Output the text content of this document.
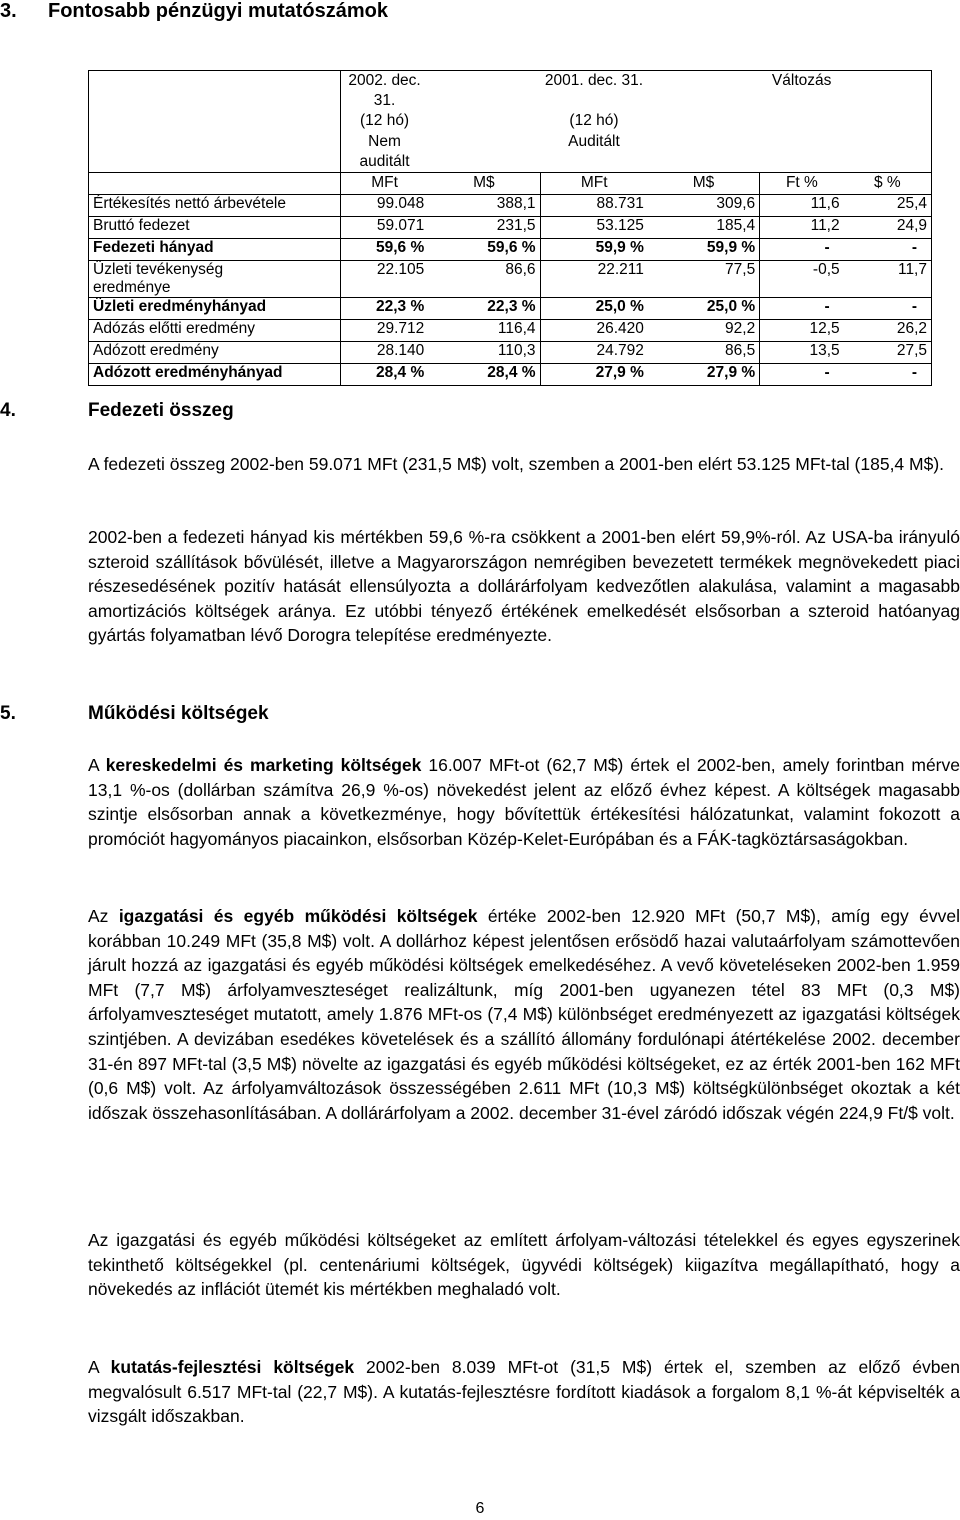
3. Fontosabb pénzügyi mutatószámok
	2002. dec. 31.		2001. dec. 31.		Változás	
	(12 hó)		(12 hó)			
	Nem auditált		Auditált			
	MFt	M$	MFt	M$	Ft %	$ %
Értékesítés nettó árbevétele	99.048	388,1	88.731	309,6	11,6	25,4
Bruttó fedezet	59.071	231,5	53.125	185,4	11,2	24,9
Fedezeti hányad	59,6 %	59,6 %	59,9 %	59,9 %	-	-
Üzleti tevékenység
eredménye	22.105	86,6	22.211	77,5	-0,5	11,7
Üzleti eredményhányad	22,3 %	22,3 %	25,0 %	25,0 %	-	-
Adózás előtti eredmény	29.712	116,4	26.420	92,2	12,5	26,2
Adózott eredmény	28.140	110,3	24.792	86,5	13,5	27,5
Adózott eredményhányad	28,4 %	28,4 %	27,9 %	27,9 %	-	-
4.	Fedezeti összeg

A fedezeti összeg 2002-ben 59.071 MFt (231,5 M$) volt, szemben a 2001-ben elért 53.125 MFt-tal (185,4 M$).

2002-ben a fedezeti hányad kis mértékben 59,6 %-ra csökkent a 2001-ben elért 59,9%-ról. Az USA-ba irányuló szteroid szállítások bővülését, illetve a Magyarországon nemrégiben bevezetett termékek megnövekedett piaci részesedésének pozitív hatását ellensúlyozta a dollárárfolyam kedvezőtlen alakulása, valamint a magasabb amortizációs költségek aránya. Ez utóbbi tényező értékének emelkedését elsősorban a szteroid hatóanyag gyártás folyamatban lévő Dorogra telepítése eredményezte.

5.	Működési költségek

A kereskedelmi és marketing költségek 16.007 MFt-ot (62,7 M$) értek el 2002-ben, amely forintban mérve 13,1 %-os (dollárban számítva 26,9 %-os) növekedést jelent az előző évhez képest. A költségek magasabb szintje elsősorban annak a következménye, hogy bővítettük értékesítési hálózatunkat, valamint fokozott a promóciót hagyományos piacainkon, elsősorban Közép-Kelet-Európában és a FÁK-tagköztársaságokban.

Az igazgatási és egyéb működési költségek értéke 2002-ben 12.920 MFt (50,7 M$), amíg egy évvel korábban 10.249 MFt (35,8 M$) volt. A dollárhoz képest jelentősen erősödő hazai valutaárfolyam számottevően járult hozzá az igazgatási és egyéb működési költségek emelkedéséhez. A vevő követeléseken 2002-ben 1.959 MFt (7,7 M$) árfolyamveszteséget realizáltunk, míg 2001-ben ugyanezen tétel 83 MFt (0,3 M$) árfolyamveszteséget mutatott, amely 1.876 MFt-os (7,4 M$) különbséget eredményezett az igazgatási költségek szintjében. A devizában esedékes követelések és a szállító állomány fordulónapi átértékelése 2002. december 31-én 897 MFt-tal (3,5 M$) növelte az igazgatási és egyéb működési költségeket, ez az érték 2001-ben 162 MFt (0,6 M$) volt. Az árfolyamváltozások összességében 2.611 MFt (10,3 M$) költségkülönbséget okoztak a két időszak összehasonlításában. A dollárárfolyam a 2002. december 31-ével záródó időszak végén 224,9 Ft/$ volt.

Az igazgatási és egyéb működési költségeket az említett árfolyam-változási tételekkel és egyes egyszerinek tekinthető költségekkel (pl. centenáriumi költségek, ügyvédi költségek) kiigazítva megállapítható, hogy a növekedés az inflációt ütemét kis mértékben meghaladó volt.

A kutatás-fejlesztési költségek 2002-ben 8.039 MFt-ot (31,5 M$) értek el, szemben az előző évben megvalósult 6.517 MFt-tal (22,7 M$). A kutatás-fejlesztésre fordított kiadások a forgalom 8,1 %-át képviselték a vizsgált időszakban.

6
